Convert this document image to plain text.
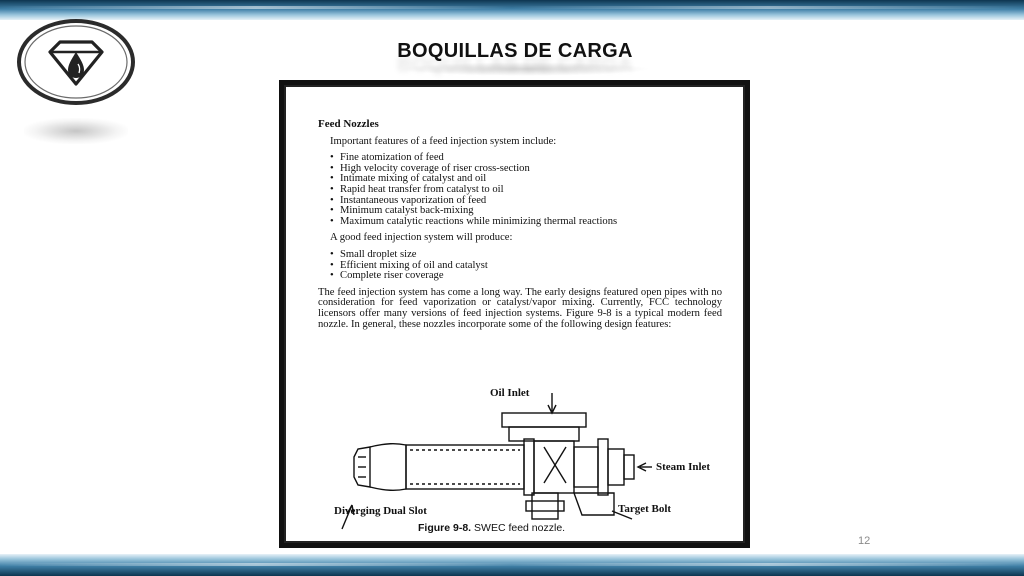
BOQUILLAS DE CARGA
Feed Nozzles
Important features of a feed injection system include:
• Fine atomization of feed
• High velocity coverage of riser cross-section
• Intimate mixing of catalyst and oil
• Rapid heat transfer from catalyst to oil
• Instantaneous vaporization of feed
• Minimum catalyst back-mixing
• Maximum catalytic reactions while minimizing thermal reactions
A good feed injection system will produce:
• Small droplet size
• Efficient mixing of oil and catalyst
• Complete riser coverage
The feed injection system has come a long way. The early designs featured open pipes with no consideration for feed vaporization or catalyst/vapor mixing. Currently, FCC technology licensors offer many versions of feed injection systems. Figure 9-8 is a typical modern feed nozzle. In general, these nozzles incorporate some of the following design features:
Oil Inlet
Steam Inlet
Target Bolt
Diverging Dual Slot
Figure 9-8. SWEC feed nozzle.
12
